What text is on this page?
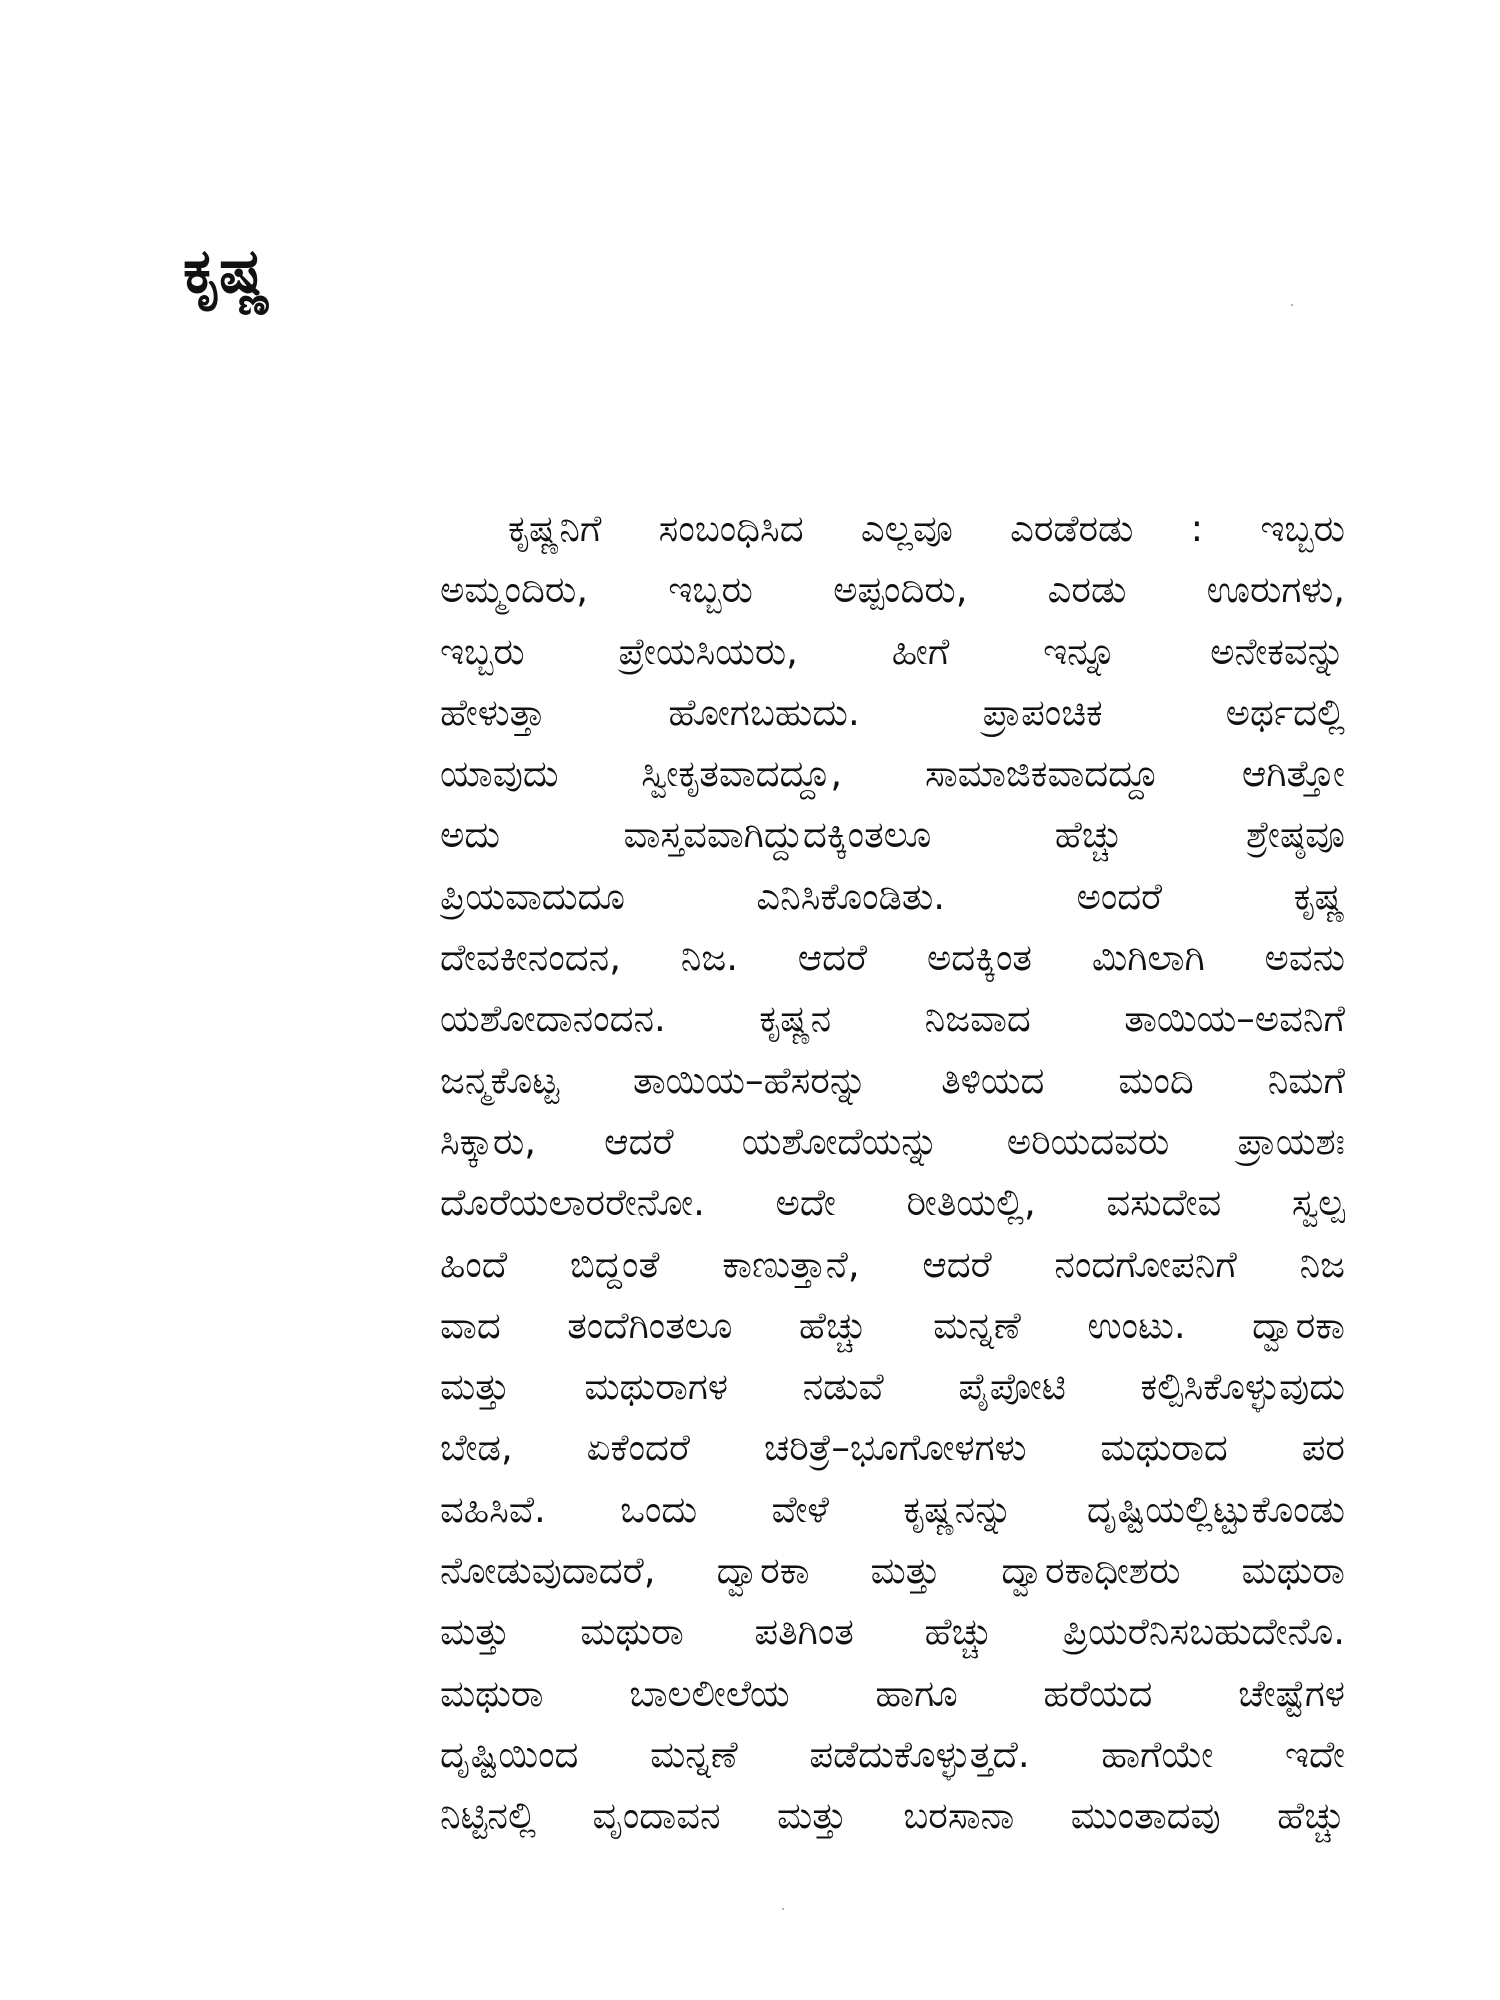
ಕೃಷ್ಣ
ಕೃಷ್ಣನಿಗೆ ಸಂಬಂಧಿಸಿದ ಎಲ್ಲವೂ ಎರಡೆರಡು : ಇಬ್ಬರು
ಅಮ್ಮಂದಿರು, ಇಬ್ಬರು ಅಪ್ಪಂದಿರು, ಎರಡು ಊರುಗಳು,
ಇಬ್ಬರು ಪ್ರೇಯಸಿಯರು, ಹೀಗೆ ಇನ್ನೂ ಅನೇಕವನ್ನು
ಹೇಳುತ್ತಾ ಹೋಗಬಹುದು. ಪ್ರಾಪಂಚಿಕ ಅರ್ಥದಲ್ಲಿ
ಯಾವುದು ಸ್ವೀಕೃತವಾದದ್ದೂ, ಸಾಮಾಜಿಕವಾದದ್ದೂ ಆಗಿತ್ತೋ
ಅದು ವಾಸ್ತವವಾಗಿದ್ದುದಕ್ಕಿಂತಲೂ ಹೆಚ್ಚು ಶ್ರೇಷ್ಠವೂ
ಪ್ರಿಯವಾದುದೂ ಎನಿಸಿಕೊಂಡಿತು. ಅಂದರೆ ಕೃಷ್ಣ
ದೇವಕೀನಂದನ, ನಿಜ. ಆದರೆ ಅದಕ್ಕಿಂತ ಮಿಗಿಲಾಗಿ ಅವನು
ಯಶೋದಾನಂದನ. ಕೃಷ್ಣನ ನಿಜವಾದ ತಾಯಿಯ–ಅವನಿಗೆ
ಜನ್ಮಕೊಟ್ಟ ತಾಯಿಯ–ಹೆಸರನ್ನು ತಿಳಿಯದ ಮಂದಿ ನಿಮಗೆ
ಸಿಕ್ಕಾರು, ಆದರೆ ಯಶೋದೆಯನ್ನು ಅರಿಯದವರು ಪ್ರಾಯಶಃ
ದೊರೆಯಲಾರರೇನೋ. ಅದೇ ರೀತಿಯಲ್ಲಿ, ವಸುದೇವ ಸ್ವಲ್ಪ
ಹಿಂದೆ ಬಿದ್ದಂತೆ ಕಾಣುತ್ತಾನೆ, ಆದರೆ ನಂದಗೋಪನಿಗೆ ನಿಜ
ವಾದ ತಂದೆಗಿಂತಲೂ ಹೆಚ್ಚು ಮನ್ನಣೆ ಉಂಟು. ದ್ವಾರಕಾ
ಮತ್ತು ಮಥುರಾಗಳ ನಡುವೆ ಪೈಪೋಟಿ ಕಲ್ಪಿಸಿಕೊಳ್ಳುವುದು
ಬೇಡ, ಏಕೆಂದರೆ ಚರಿತ್ರೆ–ಭೂಗೋಳಗಳು ಮಥುರಾದ ಪರ
ವಹಿಸಿವೆ. ಒಂದು ವೇಳೆ ಕೃಷ್ಣನನ್ನು ದೃಷ್ಟಿಯಲ್ಲಿಟ್ಟುಕೊಂಡು
ನೋಡುವುದಾದರೆ, ದ್ವಾರಕಾ ಮತ್ತು ದ್ವಾರಕಾಧೀಶರು ಮಥುರಾ
ಮತ್ತು ಮಥುರಾ ಪತಿಗಿಂತ ಹೆಚ್ಚು ಪ್ರಿಯರೆನಿಸಬಹುದೇನೊ.
ಮಥುರಾ ಬಾಲಲೀಲೆಯ ಹಾಗೂ ಹರೆಯದ ಚೇಷ್ಟೆಗಳ
ದೃಷ್ಟಿಯಿಂದ ಮನ್ನಣೆ ಪಡೆದುಕೊಳ್ಳುತ್ತದೆ. ಹಾಗೆಯೇ ಇದೇ
ನಿಟ್ಟಿನಲ್ಲಿ ವೃಂದಾವನ ಮತ್ತು ಬರಸಾನಾ ಮುಂತಾದವು ಹೆಚ್ಚು
